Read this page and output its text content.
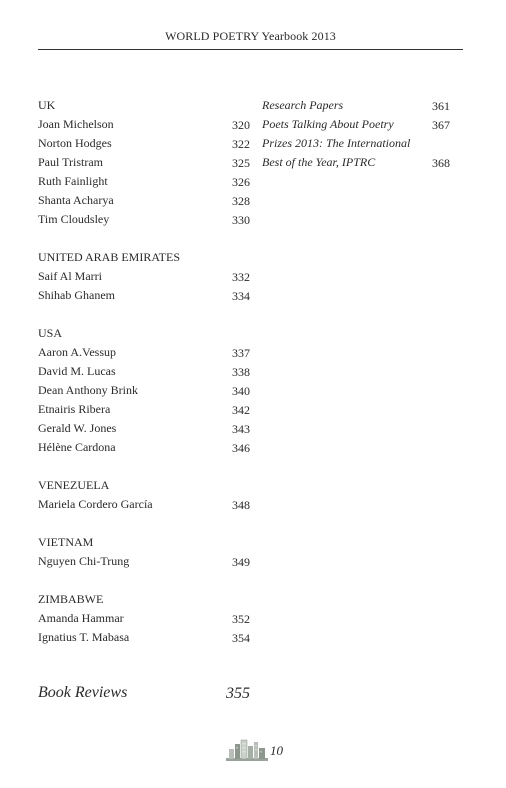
WORLD POETRY Yearbook 2013
UK
Joan Michelson	320
Norton Hodges	322
Paul Tristram	325
Ruth Fainlight	326
Shanta Acharya	328
Tim Cloudsley	330
UNITED ARAB EMIRATES
Saif Al Marri	332
Shihab Ghanem	334
USA
Aaron A.Vessup	337
David M. Lucas	338
Dean Anthony Brink	340
Etnairis Ribera	342
Gerald W. Jones	343
Hélène Cardona	346
VENEZUELA
Mariela Cordero García	348
VIETNAM
Nguyen Chi-Trung	349
ZIMBABWE
Amanda Hammar	352
Ignatius T. Mabasa	354
Book Reviews	355
Research Papers	361
Poets Talking About Poetry	367
Prizes 2013: The International
Best of the Year, IPTRC	368
10
